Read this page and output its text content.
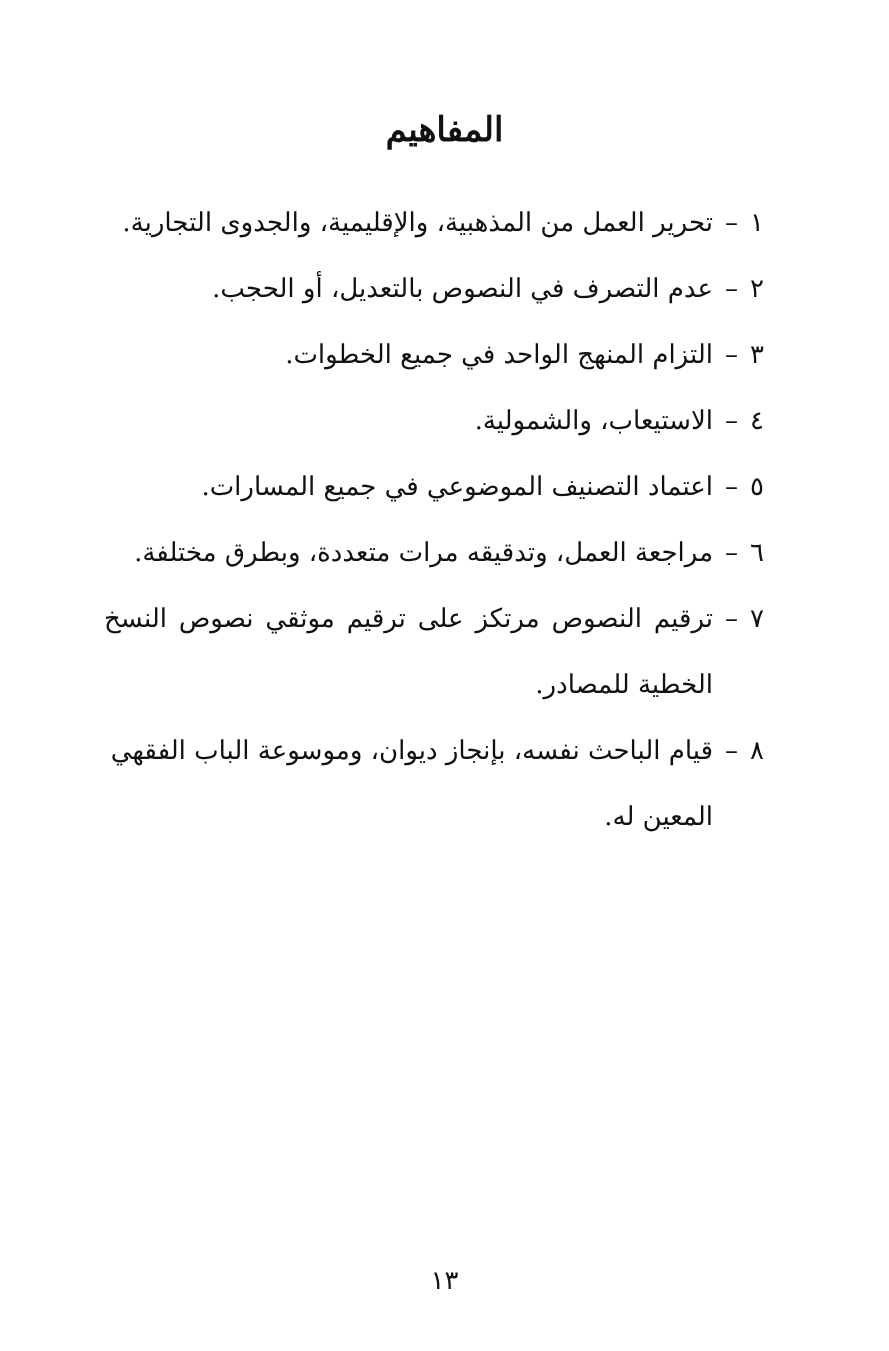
المفاهيم
١
–
تحرير العمل من المذهبية، والإقليمية، والجدوى التجارية.
٢
–
عدم التصرف في النصوص بالتعديل، أو الحجب.
٣
–
التزام المنهج الواحد في جميع الخطوات.
٤
–
الاستيعاب، والشمولية.
٥
–
اعتماد التصنيف الموضوعي في جميع المسارات.
٦
–
مراجعة العمل، وتدقيقه مرات متعددة، وبطرق مختلفة.
٧
–
ترقيم النصوص مرتكز على ترقيم موثقي نصوص النسخ الخطية للمصادر.
٨
–
قيام الباحث نفسه، بإنجاز ديوان، وموسوعة الباب الفقهي المعين له.
١٣
